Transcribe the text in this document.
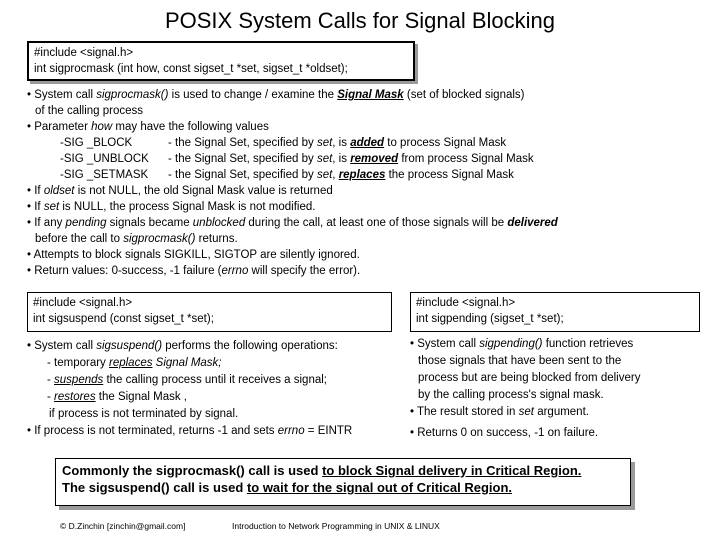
POSIX System Calls for Signal Blocking
#include <signal.h>
int sigprocmask (int how, const sigset_t *set, sigset_t *oldset);

• System call sigprocmask() is used to change / examine the Signal Mask (set of blocked signals)

of the calling process

• Parameter how may have the following values

-SIG _BLOCK	- the Signal Set, specified by set, is added to process Signal Mask

-SIG _UNBLOCK - the Signal Set, specified by set, is removed from process Signal Mask

-SIG _SETMASK - the Signal Set, specified by set, replaces the process Signal Mask

• If oldset is not NULL, the old Signal Mask value is returned

• If set is NULL, the process Signal Mask is not modified.

• If any pending signals became unblocked during the call, at least one of those signals will be delivered

before the call to sigprocmask() returns.

• Attempts to block signals SIGKILL, SIGTOP are silently ignored.

• Return values: 0-success, -1 failure (errno will specify the error).

#include <signal.h>
int sigsuspend (const sigset_t *set);
#include <signal.h>
int sigpending (sigset_t *set);

• System call sigsuspend() performs the following operations:

- temporary replaces Signal Mask;

- suspends the calling process until it receives a signal;

- restores the Signal Mask ,

if process is not terminated by signal.

• If process is not terminated, returns -1 and sets errno = EINTR

• System call sigpending() function retrieves

those signals that have been sent to the

process but are being blocked from delivery

by the calling process's signal mask.

• The result stored in set argument.

• Returns 0 on success, -1 on failure.

Commonly the sigprocmask() call is used to block Signal delivery in Critical Region.
The sigsuspend() call is used to wait for the signal out of Critical Region.
© D.Zinchin [zinchin@gmail.com]	Introduction to Network Programming in UNIX & LINUX
